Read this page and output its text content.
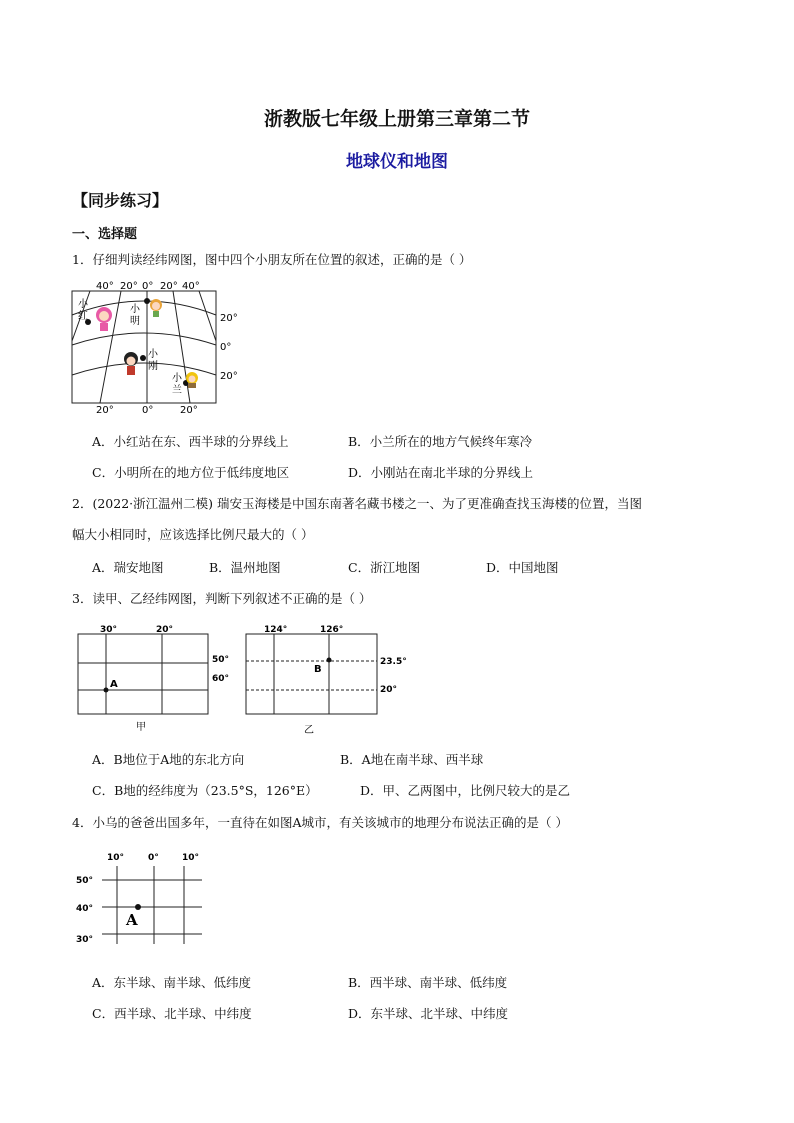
浙教版七年级上册第三章第二节
地球仪和地图
【同步练习】
一、选择题
1．仔细判读经纬网图，图中四个小朋友所在位置的叙述，正确的是（ ）
40° 20° 0° 20° 40°
20°
0°
20°
20°	0°	20°
小
红
小
明
小
刚
小
兰
A．小红站在东、西半球的分界线上	B．小兰所在的地方气候终年寒冷
C．小明所在的地方位于低纬度地区	D．小刚站在南北半球的分界线上
2．(2022·浙江温州二模) 瑞安玉海楼是中国东南著名藏书楼之一、为了更准确查找玉海楼的位置，当图
幅大小相同时，应该选择比例尺最大的（ ）
A．瑞安地图	B．温州地图	C．浙江地图	D．中国地图
3．读甲、乙经纬网图，判断下列叙述不正确的是（ ）
30°	20°
50°
60°
A
甲
124°	126°
23.5°
20°
B
乙
A．B地位于A地的东北方向	B．A地在南半球、西半球
C．B地的经纬度为（23.5°S，126°E）	D．甲、乙两图中，比例尺较大的是乙
4．小乌的爸爸出国多年，一直待在如图A城市，有关该城市的地理分布说法正确的是（ ）
10°	0°	10°
50°
40°
30°
A
A．东半球、南半球、低纬度	B．西半球、南半球、低纬度
C．西半球、北半球、中纬度	D．东半球、北半球、中纬度
